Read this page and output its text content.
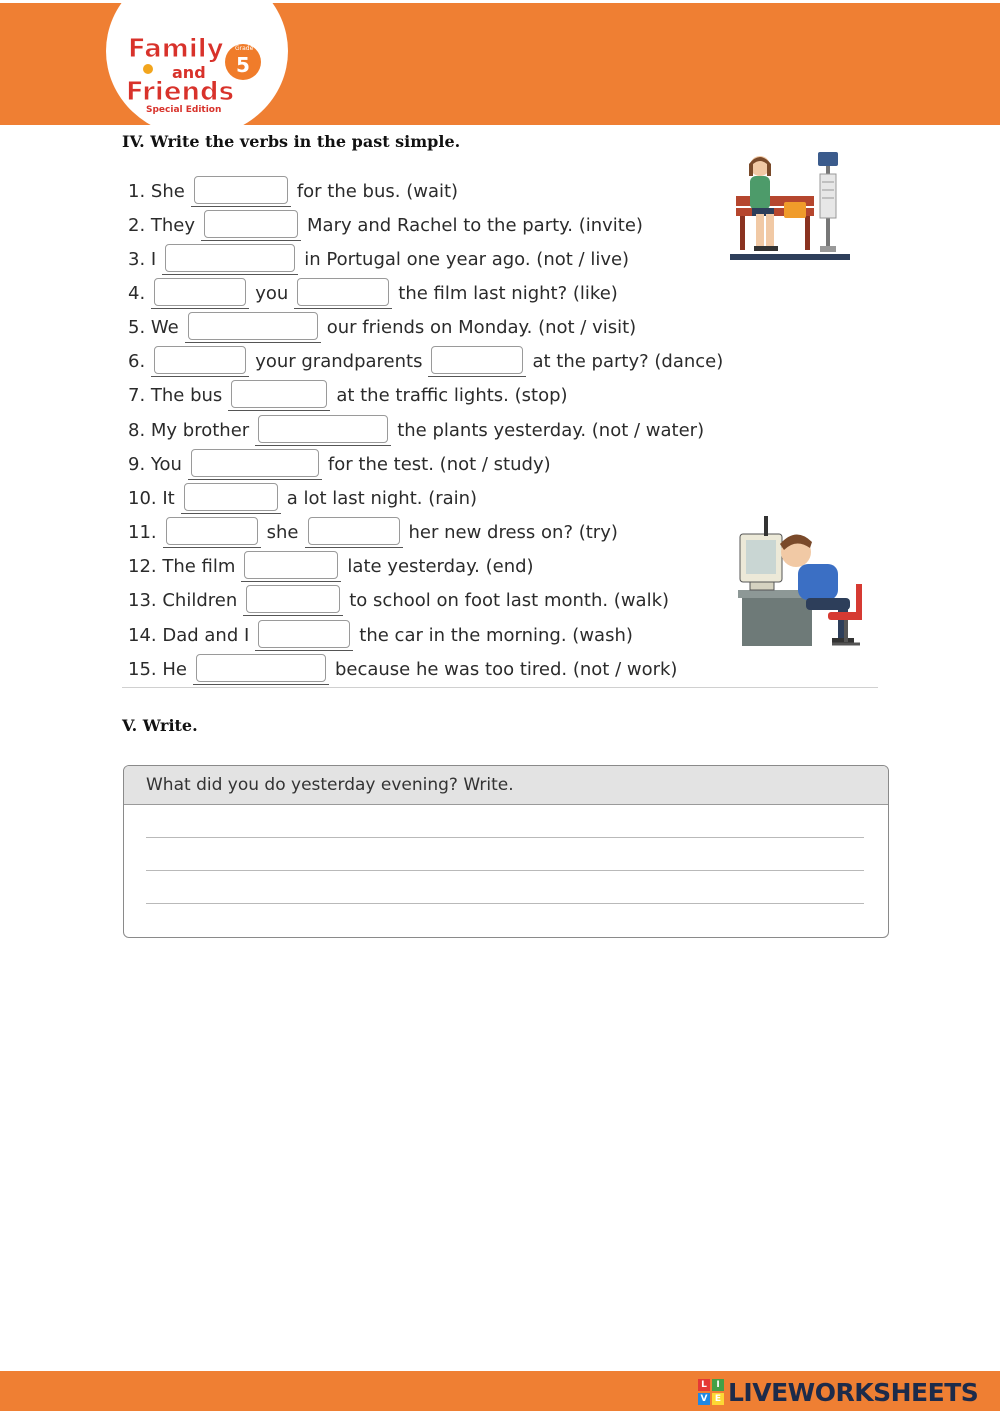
Family
and
Friends
Grade
5
Special Edition
IV. Write the verbs in the past simple.
1. She	for the bus. (wait)
2. They	Mary and Rachel to the party. (invite)
3. I	in Portugal one year ago. (not / live)
4.	you	the film last night? (like)
5. We	our friends on Monday. (not / visit)
6.	your grandparents	at the party? (dance)
7. The bus	at the traffic lights. (stop)
8. My brother	the plants yesterday. (not / water)
9. You	for the test. (not / study)
10. It	a lot last night. (rain)
11.	she	her new dress on? (try)
12. The film	late yesterday. (end)
13. Children	to school on foot last month. (walk)
14. Dad and I	the car in the morning. (wash)
15. He	because he was too tired. (not / work)
V. Write.
What did you do yesterday evening? Write.
L	I
V E LIVEWORKSHEETS
